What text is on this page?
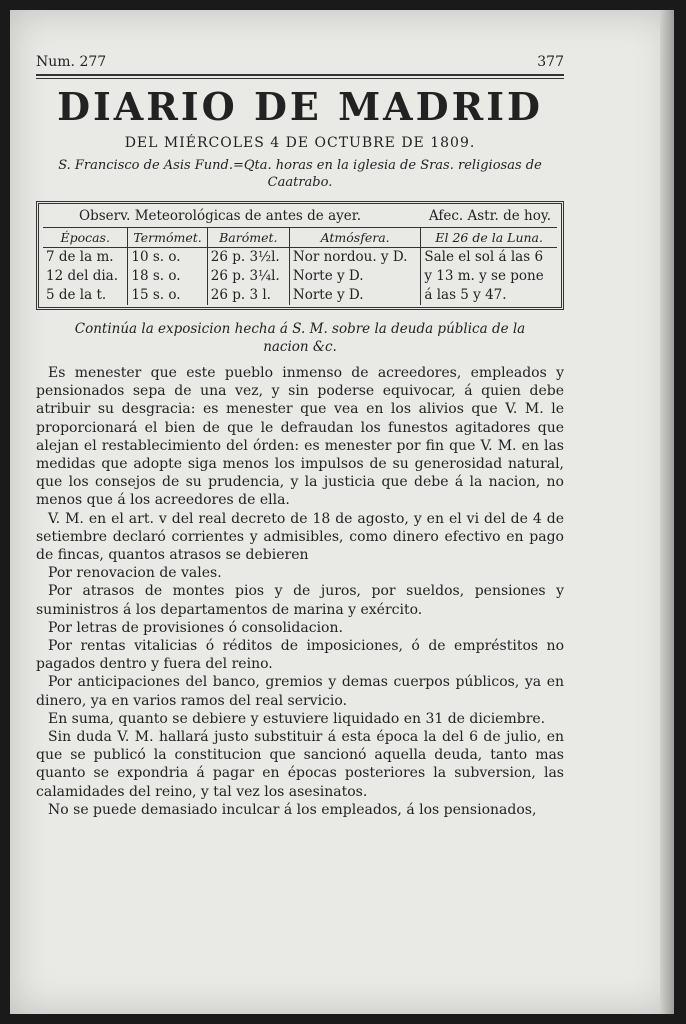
Num. 277	377
DIARIO DE MADRID
DEL MIÉRCOLES 4 DE OCTUBRE DE 1809.
S. Francisco de Asis Fund.=Qta. horas en la iglesia de Sras. religiosas de Caatrabo.
Observ. Meteorológicas de antes de ayer.	Afec. Astr. de hoy.
Épocas.	Termómet.	Barómet.	Atmósfera.	El 26 de la Luna.
7 de la m.	10 s. o.	26 p. 3½l.	Nor nordou. y D.	Sale el sol á las 6
12 del dia.	18 s. o.	26 p. 3¼l.	Norte y D.	y 13 m. y se pone
5 de la t.	15 s. o.	26 p. 3 l.	Norte y D.	á las 5 y 47.
Continúa la exposicion hecha á S. M. sobre la deuda pública de la nacion &c.

Es menester que este pueblo inmenso de acreedores, empleados y pensionados sepa de una vez, y sin poderse equivocar, á quien debe atribuir su desgracia: es menester que vea en los alivios que V. M. le proporcionará el bien de que le defraudan los funestos agitadores que alejan el restablecimiento del órden: es menester por fin que V. M. en las medidas que adopte siga menos los impulsos de su generosidad natural, que los consejos de su prudencia, y la justicia que debe á la nacion, no menos que á los acreedores de ella.

V. M. en el art. v del real decreto de 18 de agosto, y en el vi del de 4 de setiembre declaró corrientes y admisibles, como dinero efectivo en pago de fincas, quantos atrasos se debieren

Por renovacion de vales.

Por atrasos de montes pios y de juros, por sueldos, pensiones y suministros á los departamentos de marina y exército.

Por letras de provisiones ó consolidacion.

Por rentas vitalicias ó réditos de imposiciones, ó de empréstitos no pagados dentro y fuera del reino.

Por anticipaciones del banco, gremios y demas cuerpos públicos, ya en dinero, ya en varios ramos del real servicio.

En suma, quanto se debiere y estuviere liquidado en 31 de diciembre.

Sin duda V. M. hallará justo substituir á esta época la del 6 de julio, en que se publicó la constitucion que sancionó aquella deuda, tanto mas quanto se expondria á pagar en épocas posteriores la subversion, las calamidades del reino, y tal vez los asesinatos.

No se puede demasiado inculcar á los empleados, á los pensionados,
